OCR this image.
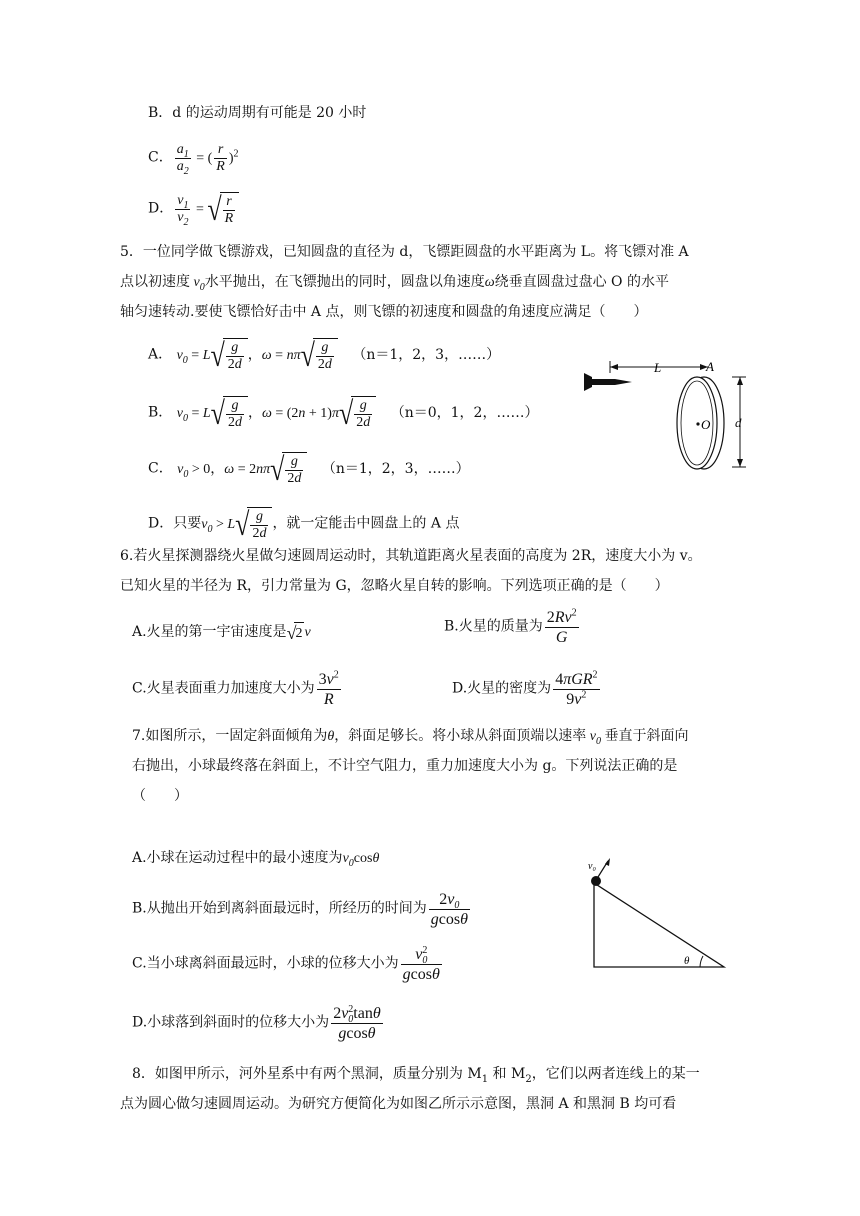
B．d 的运动周期有可能是 20 小时
C． $\frac{a_1}{a_2}$ = ( $\frac{r}{R} )^2$
D． $\frac{v_1}{v_2}$ = √ $\frac{r}{R}$
5．一位同学做飞镖游戏，已知圆盘的直径为 d，飞镖距圆盘的水平距离为 L。将飞镖对准 A
点以初速度 $v_0$水平抛出，在飞镖抛出的同时，圆盘以角速度ω绕垂直圆盘过盘心 O 的水平
轴匀速转动.要使飞镖恰好击中 A 点，则飞镖的初速度和圆盘的角速度应满足（　　）
A． $v_0 = L√ \frac{g}{2d}$ ，$\omega = n\pi√ \frac{g}{2d} (n=1$，2，3，……）
B． $v_0 = L√ \frac{g}{2d}$ ，$\omega = (2n + 1)\pi√ \frac{g}{2d} (n=0$，1，2，……）
C． $v_0 > 0$，$\omega = 2n\pi√ \frac{g}{2d} (n=1$，2，3，……）
D．只要$v_0 > L√ \frac{g}{2d}$ ，就一定能击中圆盘上的 A 点
L	A
O d
6.若火星探测器绕火星做匀速圆周运动时，其轨道距离火星表面的高度为 2R，速度大小为 v。
已知火星的半径为 R，引力常量为 G，忽略火星自转的影响。下列选项正确的是（　　）
A.火星的第一宇宙速度是√2 v	B.火星的质量为 $\frac{2Rv^2}{G}$
C.火星表面重力加速度大小为 $\frac{3v^2}{R}$	D.火星的密度为 $\frac{4\pi GR^2}{9v^2}$
7.如图所示，一固定斜面倾角为θ，斜面足够长。将小球从斜面顶端以速率 $v_0$ 垂直于斜面向
右抛出，小球最终落在斜面上，不计空气阻力，重力加速度大小为 g。下列说法正确的是
（　　）
A.小球在运动过程中的最小速度为$v_0\cos\theta$
B.从抛出开始到离斜面最远时，所经历的时间为 $\frac{2v_0}{gcos\theta}$
C.当小球离斜面最远时，小球的位移大小为 $\frac{v_0^2}{gcos\theta}$
D.小球落到斜面时的位移大小为 $\frac{2v_0^2\tan\theta}{gcos\theta}$
v₀
θ
8．如图甲所示，河外星系中有两个黑洞，质量分别为 $M_1$ 和 $M_2$，它们以两者连线上的某一
点为圆心做匀速圆周运动。为研究方便简化为如图乙所示示意图，黑洞 A 和黑洞 B 均可看
